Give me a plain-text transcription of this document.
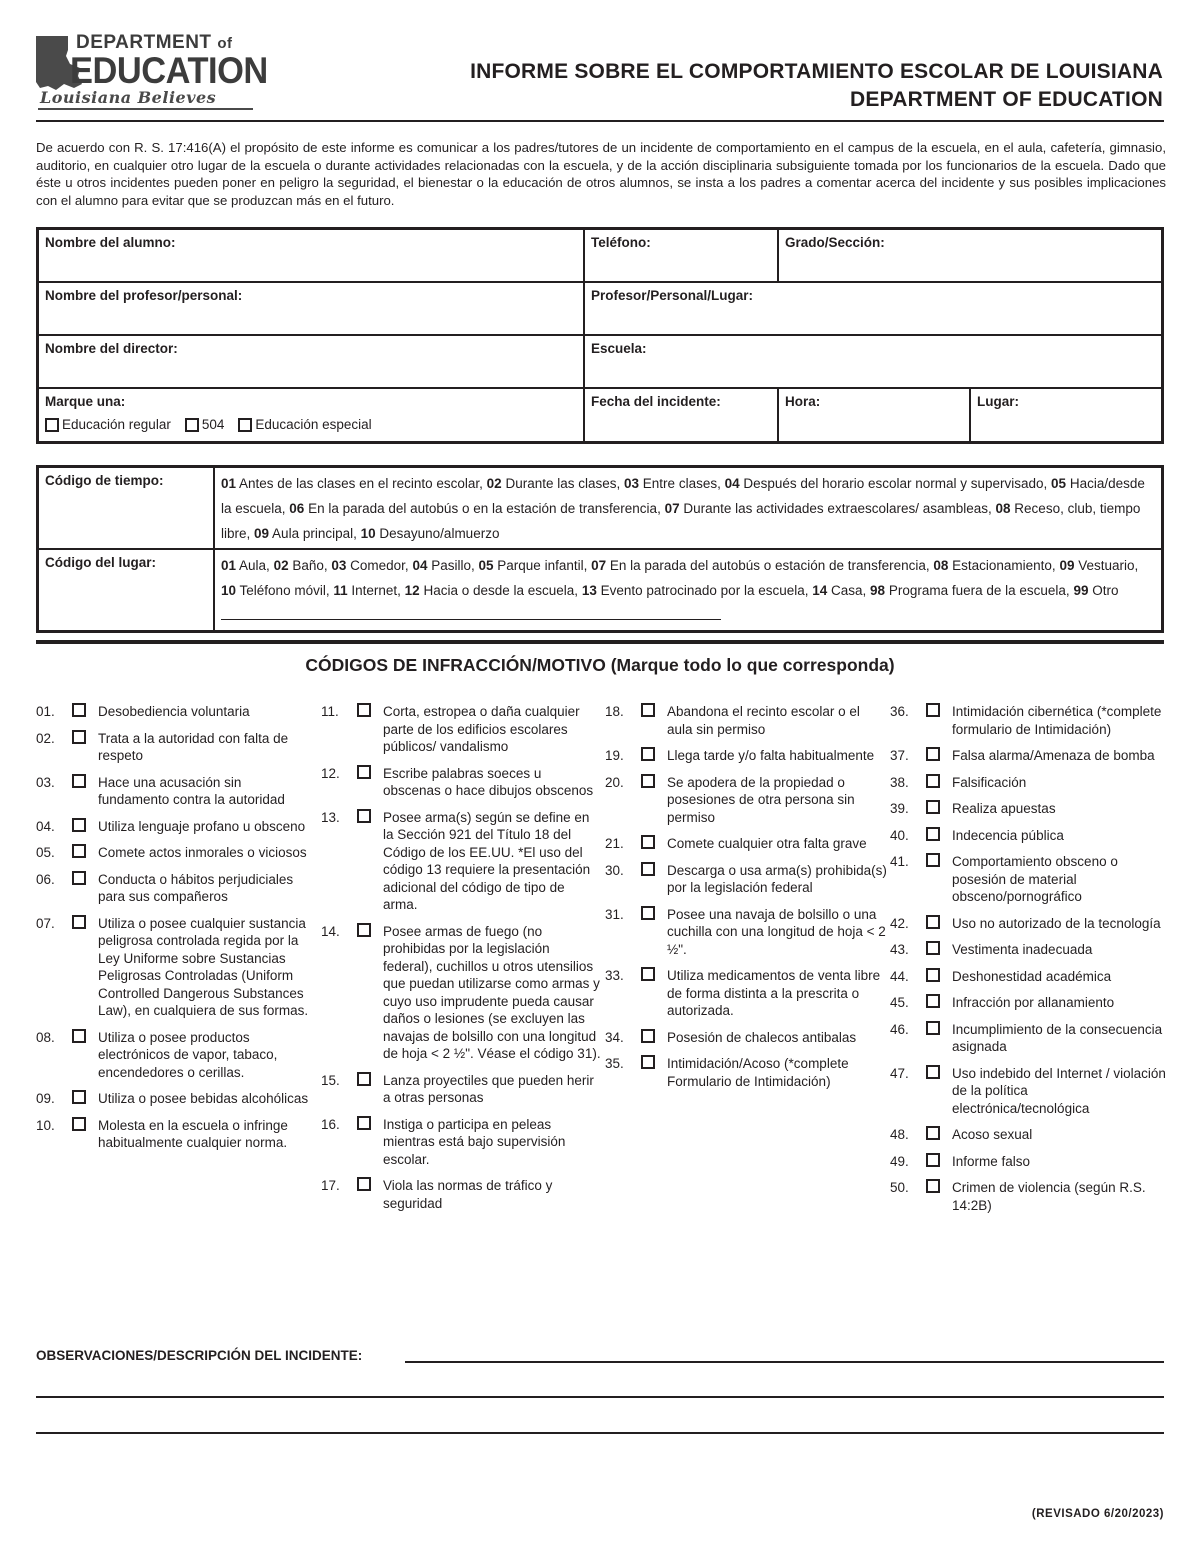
DEPARTMENT of
EDUCATION
Louisiana Believes
INFORME SOBRE EL COMPORTAMIENTO ESCOLAR DE LOUISIANA
DEPARTMENT OF EDUCATION
De acuerdo con R. S. 17:416(A) el propósito de este informe es comunicar a los padres/tutores de un incidente de comportamiento en el campus de la escuela, en el aula, cafetería, gimnasio, auditorio, en cualquier otro lugar de la escuela o durante actividades relacionadas con la escuela, y de la acción disciplinaria subsiguiente tomada por los funcionarios de la escuela. Dado que éste u otros incidentes pueden poner en peligro la seguridad, el bienestar o la educación de otros alumnos, se insta a los padres a comentar acerca del incidente y sus posibles implicaciones con el alumno para evitar que se produzcan más en el futuro.
Nombre del alumno:	Teléfono:	Grado/Sección:
Nombre del profesor/personal:	Profesor/Personal/Lugar:
Nombre del director:	Escuela:
Marque una:
Educación regular 504 Educación especial
Fecha del incidente:	Hora:	Lugar:
Código de tiempo:	01 Antes de las clases en el recinto escolar, 02 Durante las clases, 03 Entre clases, 04 Después del horario escolar normal y supervisado, 05 Hacia/desde la escuela, 06 En la parada del autobús o en la estación de transferencia, 07 Durante las actividades extraescolares/ asambleas, 08 Receso, club, tiempo libre, 09 Aula principal, 10 Desayuno/almuerzo
Código del lugar:	01 Aula, 02 Baño, 03 Comedor, 04 Pasillo, 05 Parque infantil, 07 En la parada del autobús o estación de transferencia, 08 Estacionamiento, 09 Vestuario, 10 Teléfono móvil, 11 Internet, 12 Hacia o desde la escuela, 13 Evento patrocinado por la escuela, 14 Casa, 98 Programa fuera de la escuela, 99 Otro
CÓDIGOS DE INFRACCIÓN/MOTIVO (Marque todo lo que corresponda)
01.	Desobediencia voluntaria
02.	Trata a la autoridad con falta de respeto
03.	Hace una acusación sin fundamento contra la autoridad
04.	Utiliza lenguaje profano u obsceno
05.	Comete actos inmorales o viciosos
06.	Conducta o hábitos perjudiciales para sus compañeros
07.	Utiliza o posee cualquier sustancia peligrosa controlada regida por la Ley Uniforme sobre Sustancias Peligrosas Controladas (Uniform Controlled Dangerous Substances Law), en cualquiera de sus formas.
08.	Utiliza o posee productos electrónicos de vapor, tabaco, encendedores o cerillas.
09.	Utiliza o posee bebidas alcohólicas
10.	Molesta en la escuela o infringe habitualmente cualquier norma.
11.	Corta, estropea o daña cualquier parte de los edificios escolares públicos/ vandalismo
12.	Escribe palabras soeces u obscenas o hace dibujos obscenos
13.	Posee arma(s) según se define en la Sección 921 del Título 18 del Código de los EE.UU. *El uso del código 13 requiere la presentación adicional del código de tipo de arma.
14.	Posee armas de fuego (no prohibidas por la legislación federal), cuchillos u otros utensilios que puedan utilizarse como armas y cuyo uso imprudente pueda causar daños o lesiones (se excluyen las navajas de bolsillo con una longitud de hoja < 2 ½". Véase el código 31).
15.	Lanza proyectiles que pueden herir a otras personas
16.	Instiga o participa en peleas mientras está bajo supervisión escolar.
17.	Viola las normas de tráfico y seguridad
18.	Abandona el recinto escolar o el aula sin permiso
19.	Llega tarde y/o falta habitualmente
20.	Se apodera de la propiedad o posesiones de otra persona sin permiso
21.	Comete cualquier otra falta grave
30.	Descarga o usa arma(s) prohibida(s) por la legislación federal
31.	Posee una navaja de bolsillo o una cuchilla con una longitud de hoja < 2 ½".
33.	Utiliza medicamentos de venta libre de forma distinta a la prescrita o autorizada.
34.	Posesión de chalecos antibalas
35.	Intimidación/Acoso (*complete Formulario de Intimidación)
36.	Intimidación cibernética (*complete formulario de Intimidación)
37.	Falsa alarma/Amenaza de bomba
38.	Falsificación
39.	Realiza apuestas
40.	Indecencia pública
41.	Comportamiento obsceno o posesión de material obsceno/pornográfico
42.	Uso no autorizado de la tecnología
43.	Vestimenta inadecuada
44.	Deshonestidad académica
45.	Infracción por allanamiento
46.	Incumplimiento de la consecuencia asignada
47.	Uso indebido del Internet / violación de la política electrónica/tecnológica
48.	Acoso sexual
49.	Informe falso
50.	Crimen de violencia (según R.S. 14:2B)
OBSERVACIONES/DESCRIPCIÓN DEL INCIDENTE:
(REVISADO 6/20/2023)
